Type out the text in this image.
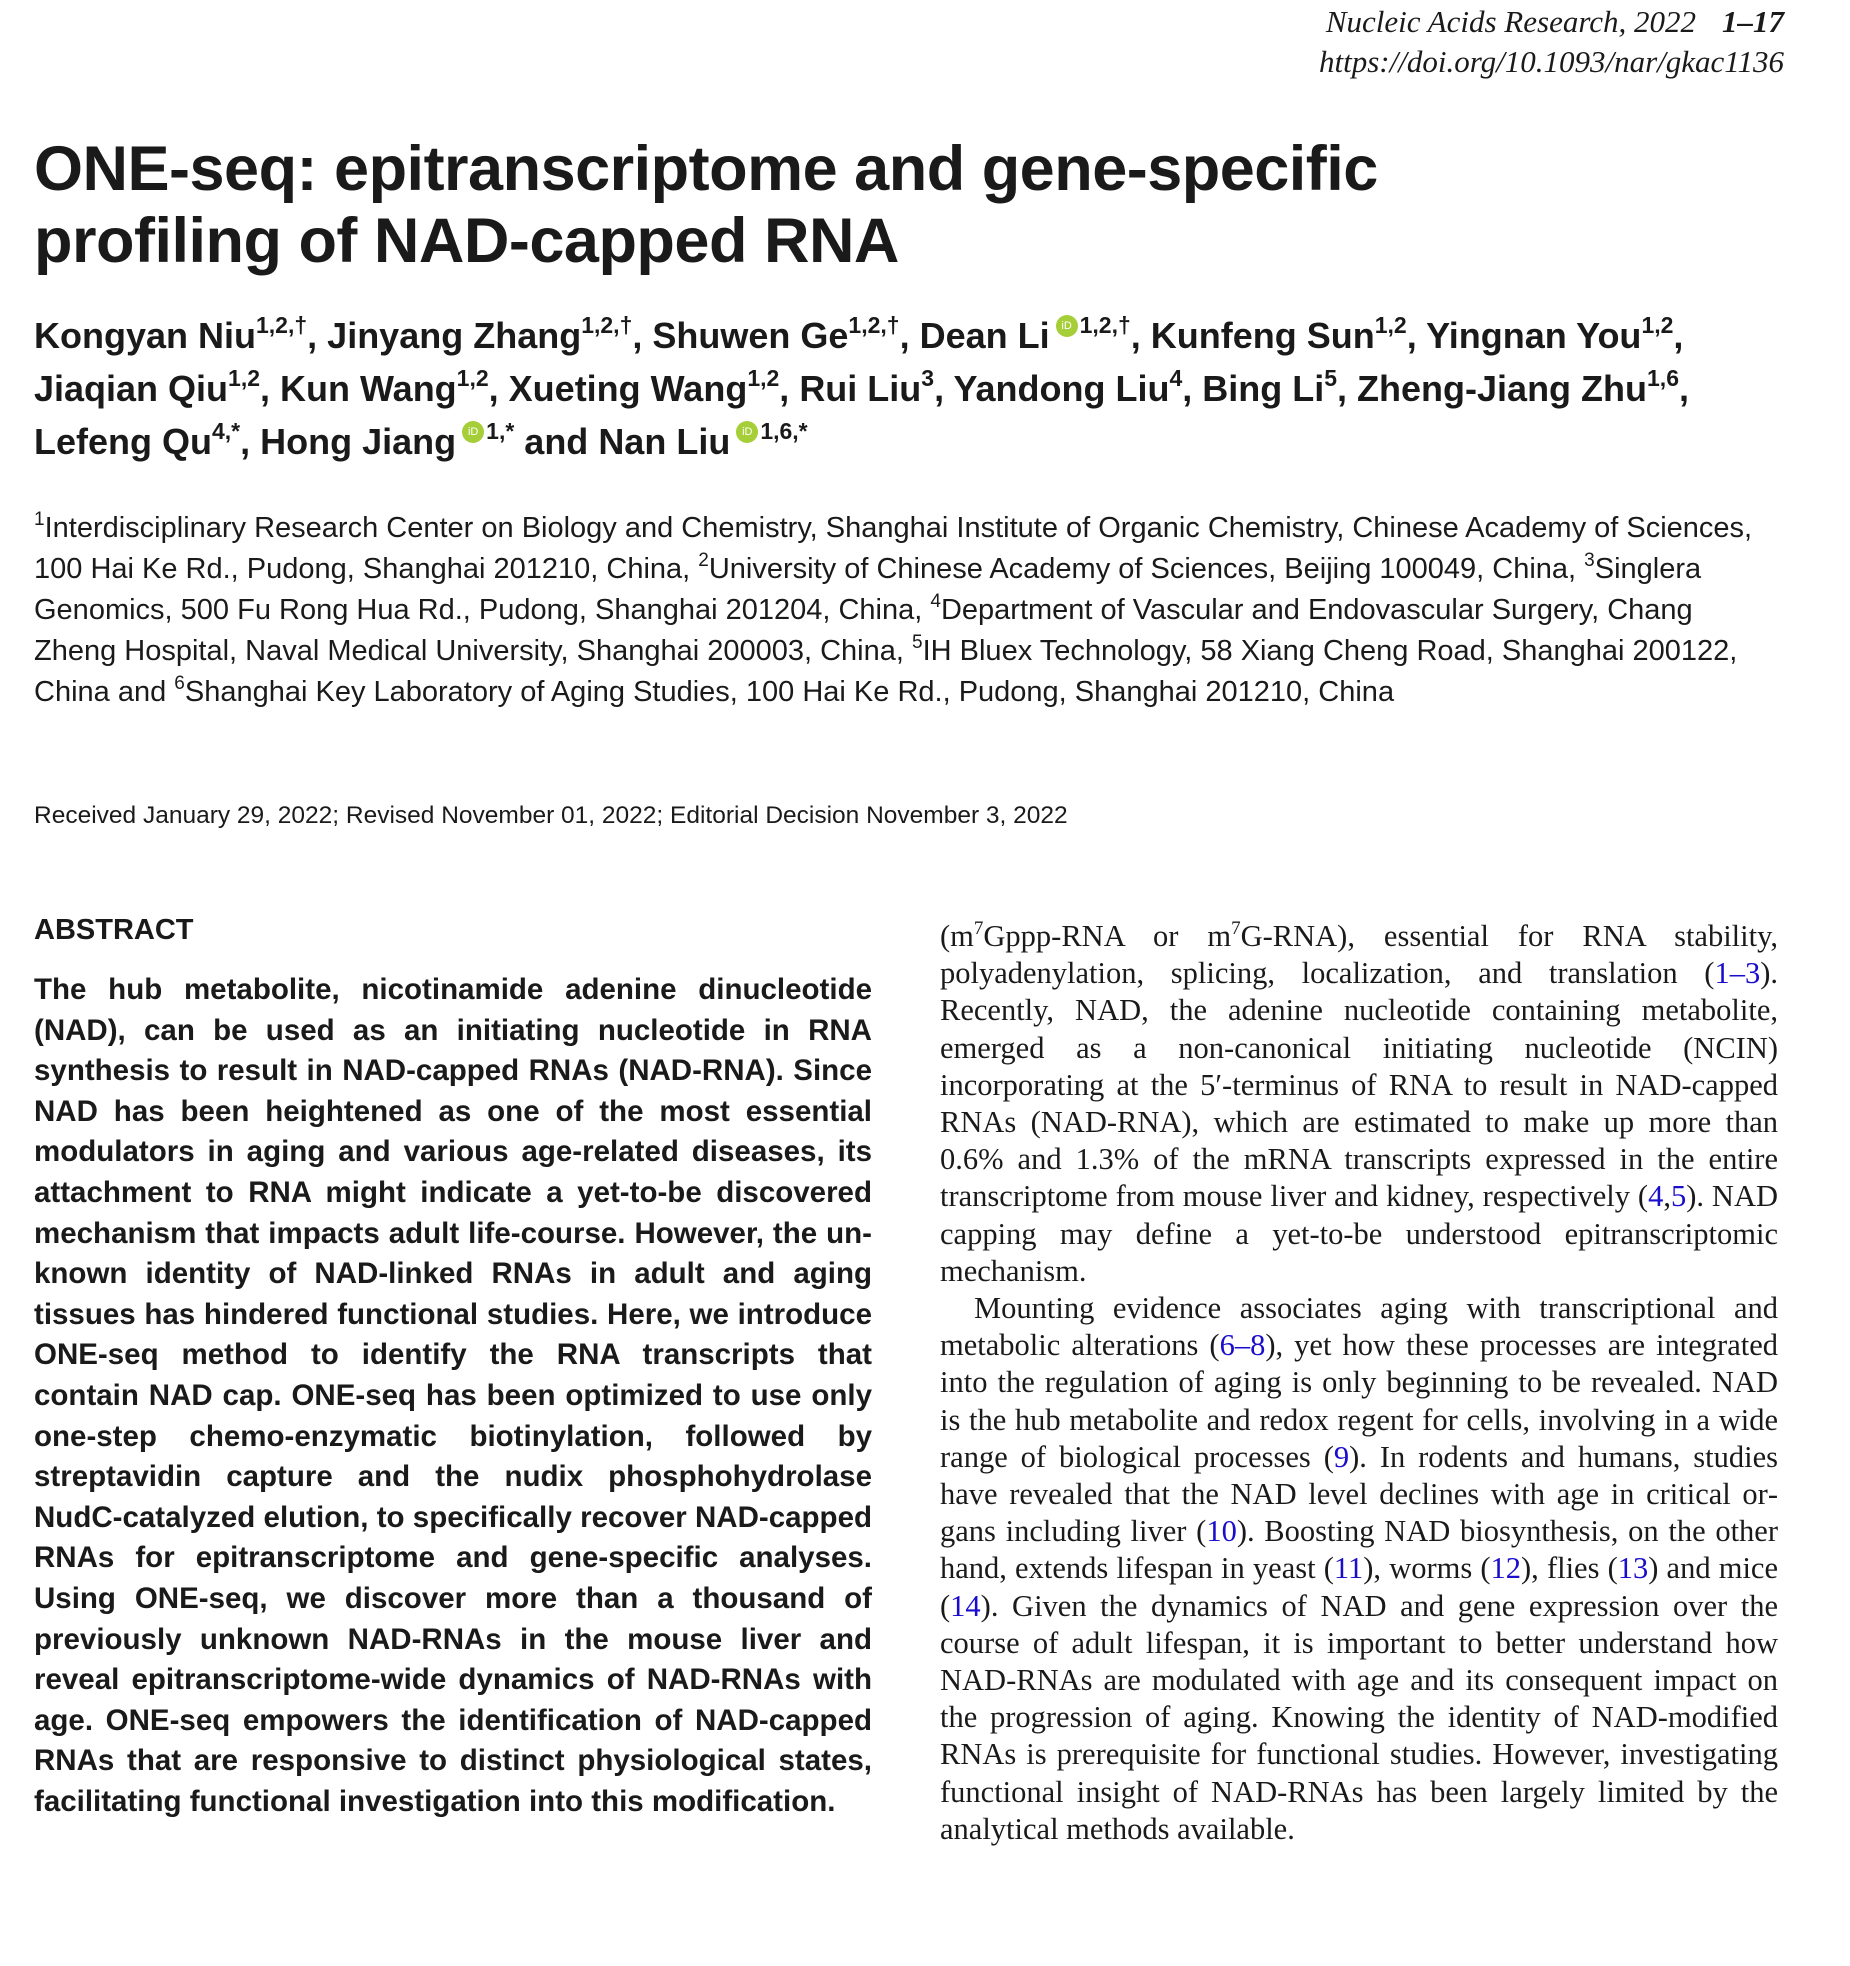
Nucleic Acids Research, 2022 1–17
https://doi.org/10.1093/nar/gkac1136
ONE-seq: epitranscriptome and gene-specific profiling of NAD-capped RNA
Kongyan Niu$^{1,2,\dagger}$, Jinyang Zhang$^{1,2,\dagger}$, Shuwen $Ge^{1,2,\dagger}$, Dean Li iD $^{1,2,\dagger}$, Kunfeng Sun$^{1,2}$, Yingnan You$^{1,2}$, Jiaqian Qiu$^{1,2}$, Kun Wang$^{1,2}$, Xueting Wang$^{1,2}$, Rui Liu$^3$, Yandong Liu$^4$, Bing Li$^5$, Zheng-Jiang Zhu$^{1,6}$, Lefeng $Qu^{4,*}$, Hong Jiang iD $^{1,*}$ and Nan Liu iD $^{1,6,*}$
$^1$Interdisciplinary Research Center on Biology and Chemistry, Shanghai Institute of Organic Chemistry, Chinese Academy of Sciences, 100 Hai Ke Rd., Pudong, Shanghai 201210, China, $^2$University of Chinese Academy of Sciences, Beijing 100049, China, $^3$Singlera Genomics, 500 Fu Rong Hua Rd., Pudong, Shanghai 201204, China, $^4$Department of Vascular and Endovascular Surgery, Chang Zheng Hospital, Naval Medical University, Shanghai 200003, China, $^5$IH Bluex Technology, 58 Xiang Cheng Road, Shanghai 200122, China and $^6$Shanghai Key Laboratory of Aging Studies, 100 Hai Ke Rd., Pudong, Shanghai 201210, China
Received January 29, 2022; Revised November 01, 2022; Editorial Decision November 3, 2022
ABSTRACT

The hub metabolite, nicotinamide adenine dinucleotide (NAD), can be used as an initiating nucleotide in RNA synthesis to result in NAD-capped RNAs (NAD-RNA). Since NAD has been heightened as one of the most essential modulators in aging and various age-related diseases, its attachment to RNA might indicate a yet-to-be discovered mechanism that impacts adult life-course. However, the unknown identity of NAD-linked RNAs in adult and aging tissues has hindered functional studies. Here, we introduce ONE-seq method to identify the RNA transcripts that contain NAD cap. ONE-seq has been optimized to use only one-step chemo-enzymatic biotinylation, followed by streptavidin capture and the nudix phosphohydrolase NudC-catalyzed elution, to specifically recover NAD-capped RNAs for epitranscriptome and gene-specific analyses. Using ONE-seq, we discover more than a thousand of previously unknown NAD-RNAs in the mouse liver and reveal epitranscriptome-wide dynamics of NAD-RNAs with age. ONE-seq empowers the identification of NAD-capped RNAs that are responsive to distinct physiological states, facilitating functional investigation into this modification.

($m^7Gppp$-RNA or $m^7G-RNA$), essential for RNA stability, polyadenylation, splicing, localization, and translation (1–3). Recently, NAD, the adenine nucleotide containing metabolite, emerged as a non-canonical initiating nucleotide (NCIN) incorporating at the 5′-terminus of RNA to result in NAD-capped RNAs (NAD-RNA), which are estimated to make up more than 0.6% and 1.3% of the mRNA transcripts expressed in the entire transcriptome from mouse liver and kidney, respectively (4,5). NAD capping may define a yet-to-be understood epitranscriptomic mechanism.

Mounting evidence associates aging with transcriptional and metabolic alterations (6–8), yet how these processes are integrated into the regulation of aging is only beginning to be revealed. NAD is the hub metabolite and redox regent for cells, involving in a wide range of biological processes (9). In rodents and humans, studies have revealed that the NAD level declines with age in critical organs including liver (10). Boosting NAD biosynthesis, on the other hand, extends lifespan in yeast (11), worms (12), flies (13) and mice (14). Given the dynamics of NAD and gene expression over the course of adult lifespan, it is important to better understand how NAD-RNAs are modulated with age and its consequent impact on the progression of aging. Knowing the identity of NAD-modified RNAs is prerequisite for functional studies. However, investigating functional insight of NAD-RNAs has been largely limited by the analytical methods available.
